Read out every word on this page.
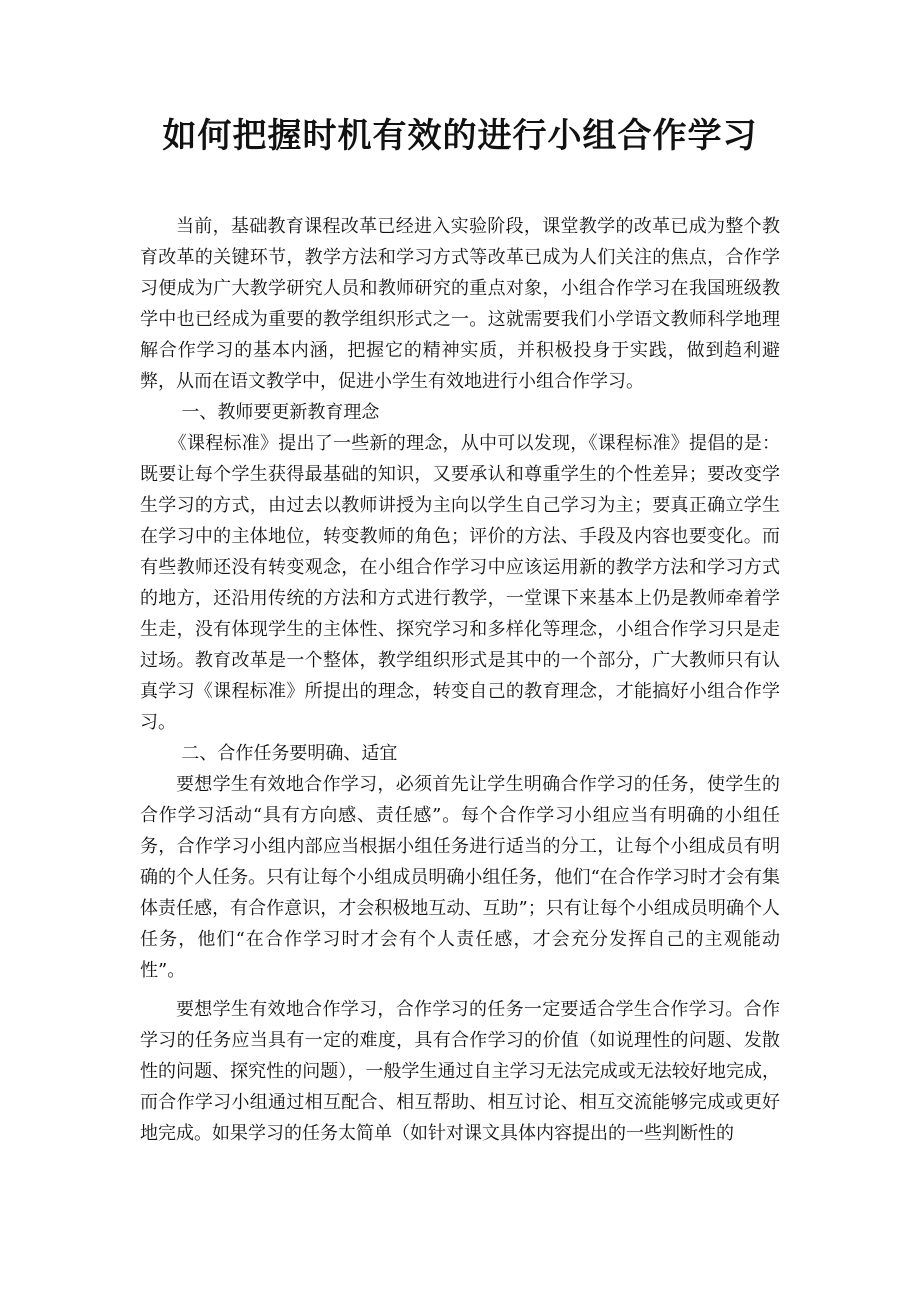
如何把握时机有效的进行小组合作学习

当前，基础教育课程改革已经进入实验阶段，课堂教学的改革已成为整个教育改革的关键环节，教学方法和学习方式等改革已成为人们关注的焦点，合作学习便成为广大教学研究人员和教师研究的重点对象，小组合作学习在我国班级教学中也已经成为重要的教学组织形式之一。这就需要我们小学语文教师科学地理解合作学习的基本内涵，把握它的精神实质，并积极投身于实践，做到趋利避弊，从而在语文教学中，促进小学生有效地进行小组合作学习。

一、教师要更新教育理念

《课程标准》提出了一些新的理念，从中可以发现，《课程标准》提倡的是：既要让每个学生获得最基础的知识，又要承认和尊重学生的个性差异；要改变学生学习的方式，由过去以教师讲授为主向以学生自己学习为主；要真正确立学生在学习中的主体地位，转变教师的角色；评价的方法、手段及内容也要变化。而有些教师还没有转变观念，在小组合作学习中应该运用新的教学方法和学习方式的地方，还沿用传统的方法和方式进行教学，一堂课下来基本上仍是教师牵着学生走，没有体现学生的主体性、探究学习和多样化等理念，小组合作学习只是走过场。教育改革是一个整体，教学组织形式是其中的一个部分，广大教师只有认真学习《课程标准》所提出的理念，转变自己的教育理念，才能搞好小组合作学习。

二、合作任务要明确、适宜

要想学生有效地合作学习，必须首先让学生明确合作学习的任务，使学生的合作学习活动“具有方向感、责任感”。每个合作学习小组应当有明确的小组任务，合作学习小组内部应当根据小组任务进行适当的分工，让每个小组成员有明确的个人任务。只有让每个小组成员明确小组任务，他们“在合作学习时才会有集体责任感，有合作意识，才会积极地互动、互助”；只有让每个小组成员明确个人任务，他们“在合作学习时才会有个人责任感，才会充分发挥自己的主观能动性”。

要想学生有效地合作学习，合作学习的任务一定要适合学生合作学习。合作学习的任务应当具有一定的难度，具有合作学习的价值（如说理性的问题、发散性的问题、探究性的问题），一般学生通过自主学习无法完成或无法较好地完成，而合作学习小组通过相互配合、相互帮助、相互讨论、相互交流能够完成或更好地完成。如果学习的任务太简单（如针对课文具体内容提出的一些判断性的
